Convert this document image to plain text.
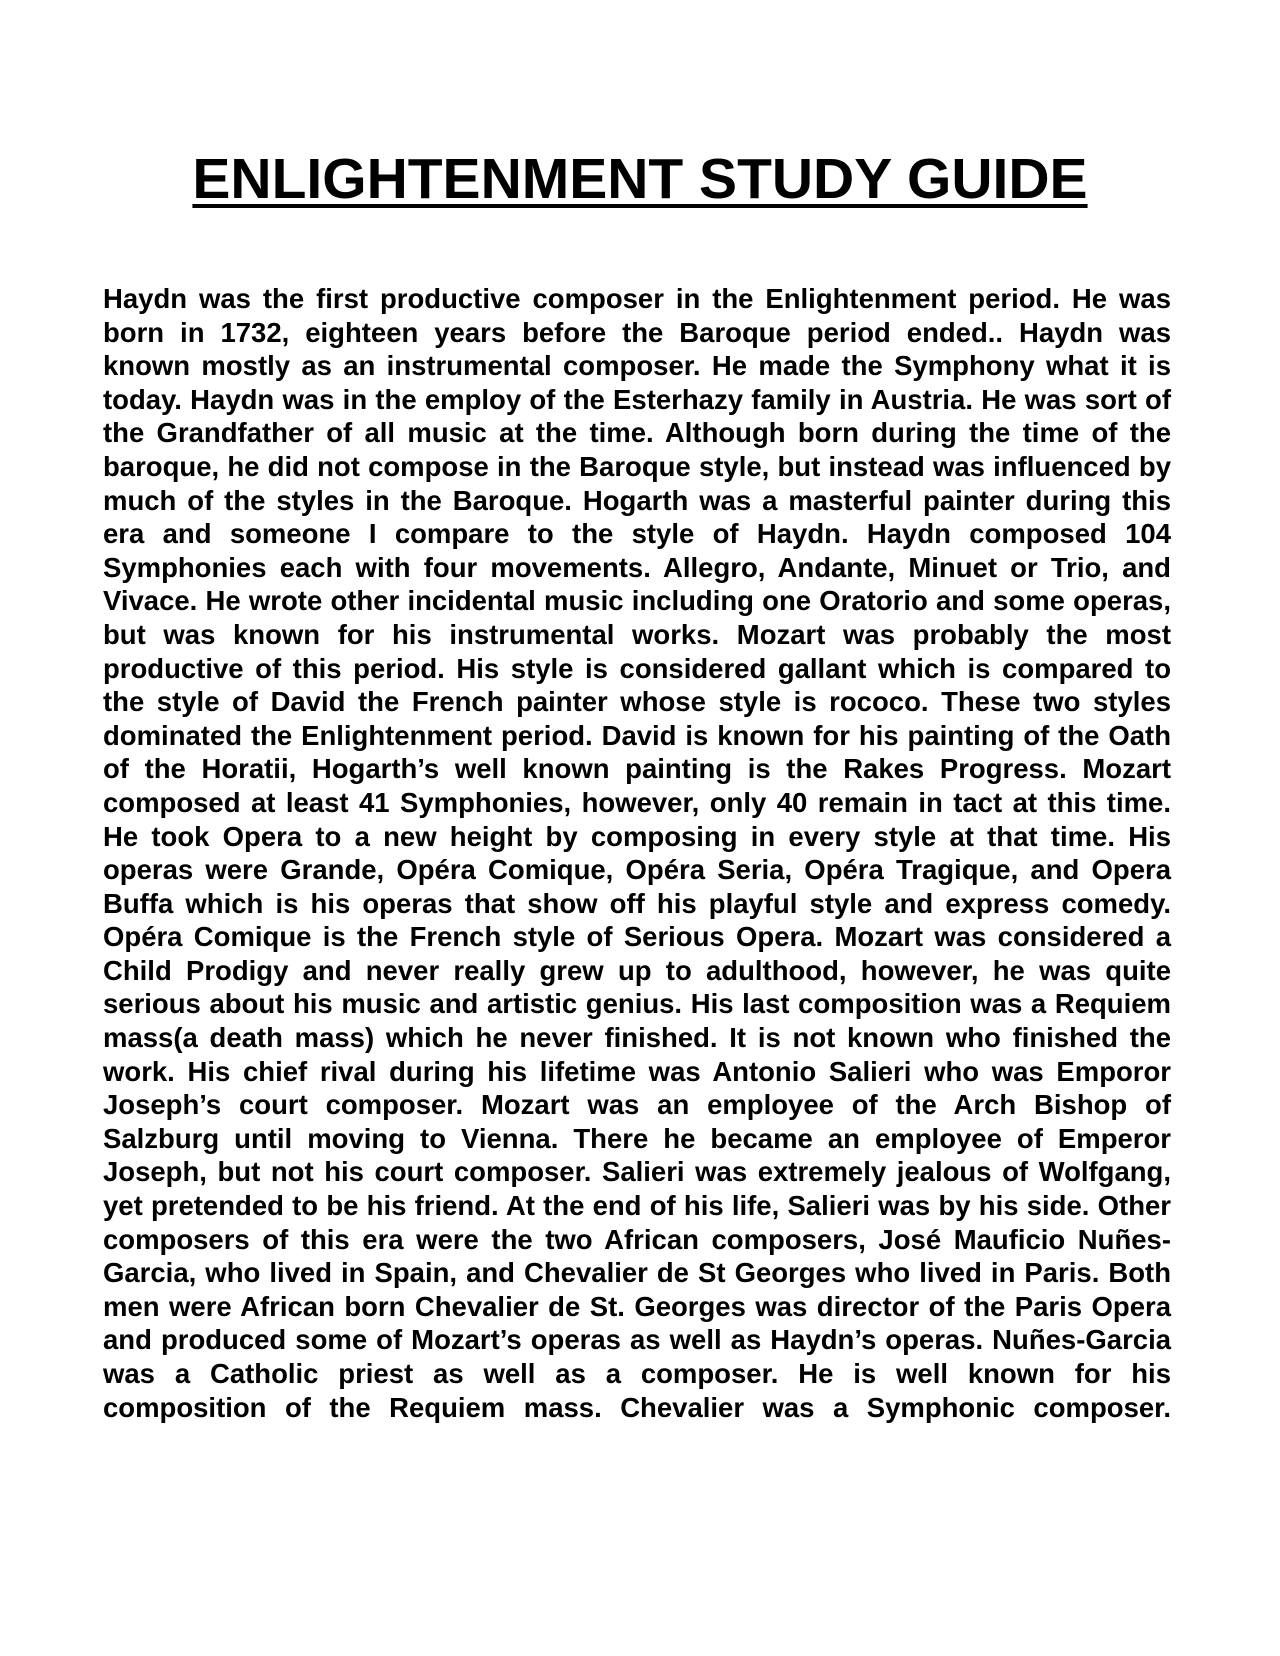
ENLIGHTENMENT STUDY GUIDE

Haydn was the first productive composer in the Enlightenment period. He was born in 1732, eighteen years before the Baroque period ended.. Haydn was known mostly as an instrumental composer. He made the Symphony what it is today. Haydn was in the employ of the Esterhazy family in Austria. He was sort of the Grandfather of all music at the time. Although born during the time of the baroque, he did not compose in the Baroque style, but instead was influenced by much of the styles in the Baroque. Hogarth was a masterful painter during this era and someone I compare to the style of Haydn. Haydn composed 104 Symphonies each with four movements. Allegro, Andante, Minuet or Trio, and Vivace. He wrote other incidental music including one Oratorio and some operas, but was known for his instrumental works. Mozart was probably the most productive of this period. His style is considered gallant which is compared to the style of David the French painter whose style is rococo. These two styles dominated the Enlightenment period. David is known for his painting of the Oath of the Horatii, Hogarth’s well known painting is the Rakes Progress. Mozart composed at least 41 Symphonies, however, only 40 remain in tact at this time. He took Opera to a new height by composing in every style at that time. His operas were Grande, Opéra Comique, Opéra Seria, Opéra Tragique, and Opera Buffa which is his operas that show off his playful style and express comedy. Opéra Comique is the French style of Serious Opera. Mozart was considered a Child Prodigy and never really grew up to adulthood, however, he was quite serious about his music and artistic genius. His last composition was a Requiem mass(a death mass) which he never finished. It is not known who finished the work. His chief rival during his lifetime was Antonio Salieri who was Emporor Joseph’s court composer. Mozart was an employee of the Arch Bishop of Salzburg until moving to Vienna. There he became an employee of Emperor Joseph, but not his court composer. Salieri was extremely jealous of Wolfgang, yet pretended to be his friend. At the end of his life, Salieri was by his side. Other composers of this era were the two African composers, José Mauficio Nuñes-Garcia, who lived in Spain, and Chevalier de St Georges who lived in Paris. Both men were African born Chevalier de St. Georges was director of the Paris Opera and produced some of Mozart’s operas as well as Haydn’s operas. Nuñes-Garcia was a Catholic priest as well as a composer. He is well known for his composition of the Requiem mass. Chevalier was a Symphonic composer.
